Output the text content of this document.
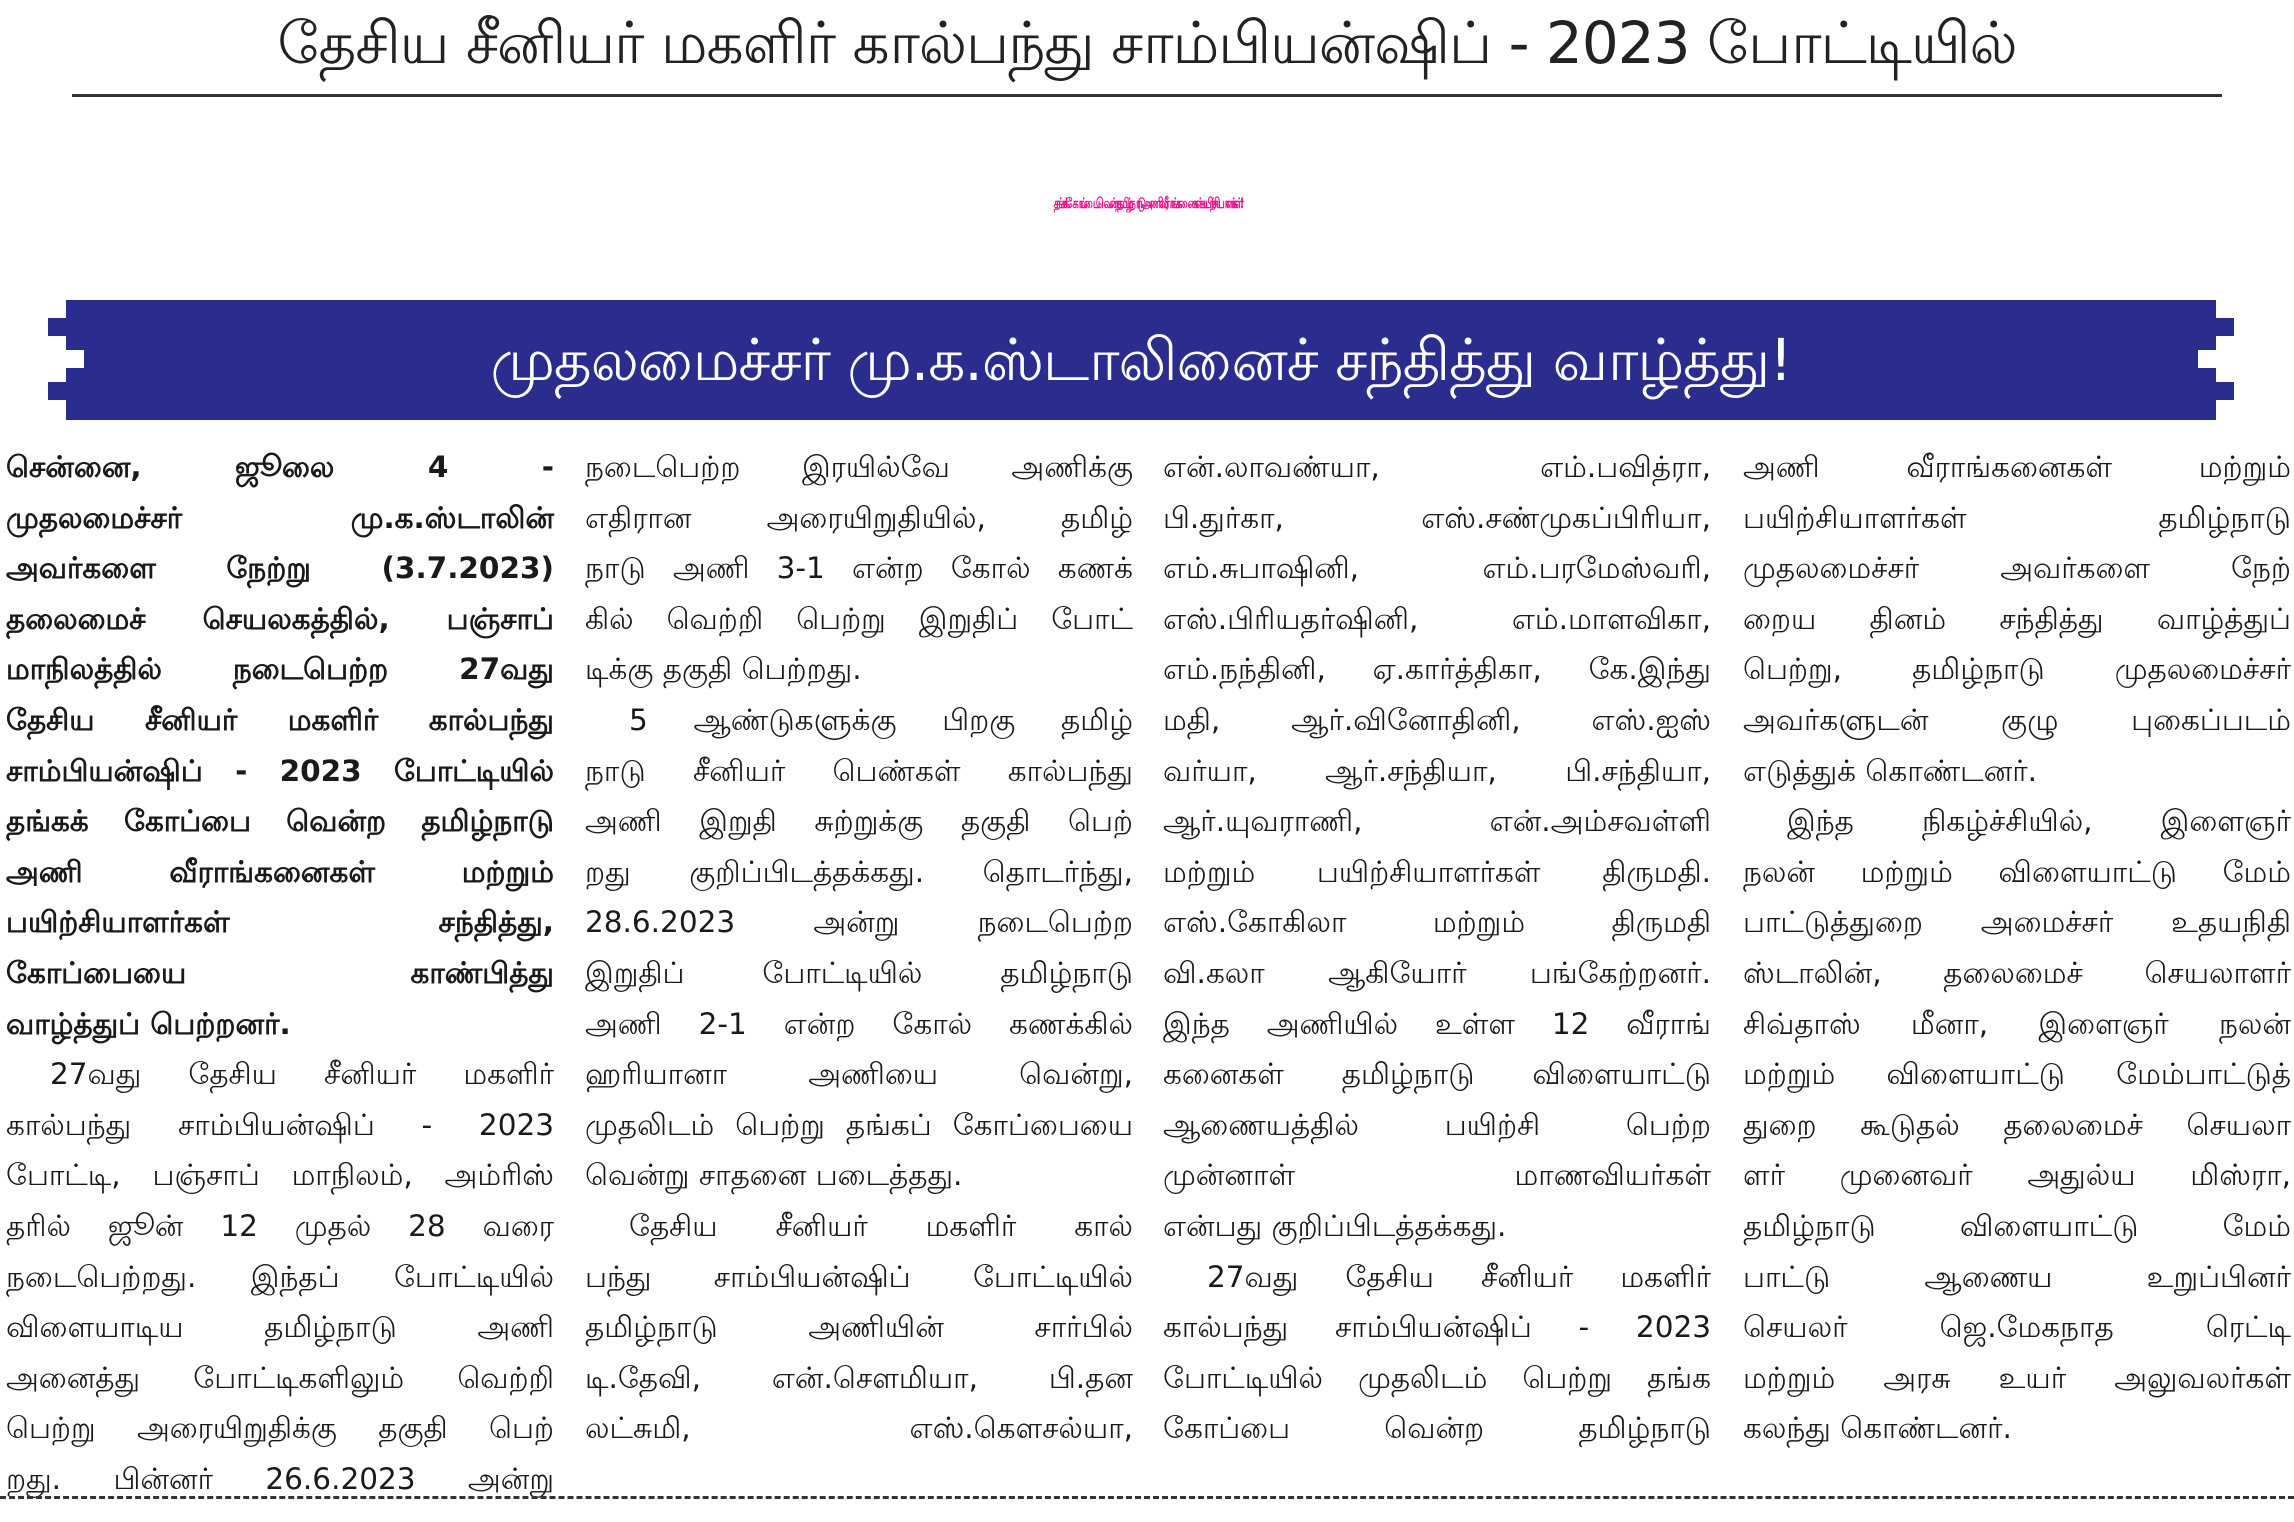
தேசிய சீனியர் மகளிர் கால்பந்து சாம்பியன்ஷிப் - 2023 போட்டியில்
தங்கக் கோப்பை வென்ற தமிழ்நாடு அணி வீராங்கனைகள் - பயிற்சியாளர்கள்!
முதலமைச்சர் மு.க.ஸ்டாலினைச் சந்தித்து வாழ்த்து!

சென்னை, ஜூலை 4 -

முதலமைச்சர் மு.க.ஸ்டாலின்

அவர்களை நேற்று (3.7.2023)

தலைமைச் செயலகத்தில், பஞ்சாப்

மாநிலத்தில் நடைபெற்ற 27வது

தேசிய சீனியர் மகளிர் கால்பந்து

சாம்பியன்ஷிப் - 2023 போட்டியில்

தங்கக் கோப்பை வென்ற தமிழ்நாடு

அணி வீராங்கனைகள் மற்றும்

பயிற்சியாளர்கள் சந்தித்து,

கோப்பையை காண்பித்து

வாழ்த்துப் பெற்றனர்.

27வது தேசிய சீனியர் மகளிர்

கால்பந்து சாம்பியன்ஷிப் - 2023

போட்டி, பஞ்சாப் மாநிலம், அம்ரிஸ்

தரில் ஜூன் 12 முதல் 28 வரை

நடைபெற்றது. இந்தப் போட்டியில்

விளையாடிய தமிழ்நாடு அணி

அனைத்து போட்டிகளிலும் வெற்றி

பெற்று அரையிறுதிக்கு தகுதி பெற்

றது. பின்னர் 26.6.2023 அன்று

நடைபெற்ற இரயில்வே அணிக்கு

எதிரான அரையிறுதியில், தமிழ்

நாடு அணி 3-1 என்ற கோல் கணக்

கில் வெற்றி பெற்று இறுதிப் போட்

டிக்கு தகுதி பெற்றது.

5 ஆண்டுகளுக்கு பிறகு தமிழ்

நாடு சீனியர் பெண்கள் கால்பந்து

அணி இறுதி சுற்றுக்கு தகுதி பெற்

றது குறிப்பிடத்தக்கது. தொடர்ந்து,

28.6.2023 அன்று நடைபெற்ற

இறுதிப் போட்டியில் தமிழ்நாடு

அணி 2-1 என்ற கோல் கணக்கில்

ஹரியானா அணியை வென்று,

முதலிடம் பெற்று தங்கப் கோப்பையை

வென்று சாதனை படைத்தது.

தேசிய சீனியர் மகளிர் கால்

பந்து சாம்பியன்ஷிப் போட்டியில்

தமிழ்நாடு அணியின் சார்பில்

டி.தேவி, என்.சௌமியா, பி.தன

லட்சுமி, எஸ்.கௌசல்யா,

என்.லாவண்யா, எம்.பவித்ரா,

பி.துர்கா, எஸ்.சண்முகப்பிரியா,

எம்.சுபாஷினி, எம்.பரமேஸ்வரி,

எஸ்.பிரியதர்ஷினி, எம்.மாளவிகா,

எம்.நந்தினி, ஏ.கார்த்திகா, கே.இந்து

மதி, ஆர்.வினோதினி, எஸ்.ஐஸ்

வர்யா, ஆர்.சந்தியா, பி.சந்தியா,

ஆர்.யுவராணி, என்.அம்சவள்ளி

மற்றும் பயிற்சியாளர்கள் திருமதி.

எஸ்.கோகிலா மற்றும் திருமதி

வி.கலா ஆகியோர் பங்கேற்றனர்.

இந்த அணியில் உள்ள 12 வீராங்

கனைகள் தமிழ்நாடு விளையாட்டு

ஆணையத்தில் பயிற்சி பெற்ற

முன்னாள் மாணவியர்கள்

என்பது குறிப்பிடத்தக்கது.

27வது தேசிய சீனியர் மகளிர்

கால்பந்து சாம்பியன்ஷிப் - 2023

போட்டியில் முதலிடம் பெற்று தங்க

கோப்பை வென்ற தமிழ்நாடு

அணி வீராங்கனைகள் மற்றும்

பயிற்சியாளர்கள் தமிழ்நாடு

முதலமைச்சர் அவர்களை நேற்

றைய தினம் சந்தித்து வாழ்த்துப்

பெற்று, தமிழ்நாடு முதலமைச்சர்

அவர்களுடன் குழு புகைப்படம்

எடுத்துக் கொண்டனர்.

இந்த நிகழ்ச்சியில், இளைஞர்

நலன் மற்றும் விளையாட்டு மேம்

பாட்டுத்துறை அமைச்சர் உதயநிதி

ஸ்டாலின், தலைமைச் செயலாளர்

சிவ்தாஸ் மீனா, இளைஞர் நலன்

மற்றும் விளையாட்டு மேம்பாட்டுத்

துறை கூடுதல் தலைமைச் செயலா

ளர் முனைவர் அதுல்ய மிஸ்ரா,

தமிழ்நாடு விளையாட்டு மேம்

பாட்டு ஆணைய உறுப்பினர்

செயலர் ஜெ.மேகநாத ரெட்டி

மற்றும் அரசு உயர் அலுவலர்கள்

கலந்து கொண்டனர்.
